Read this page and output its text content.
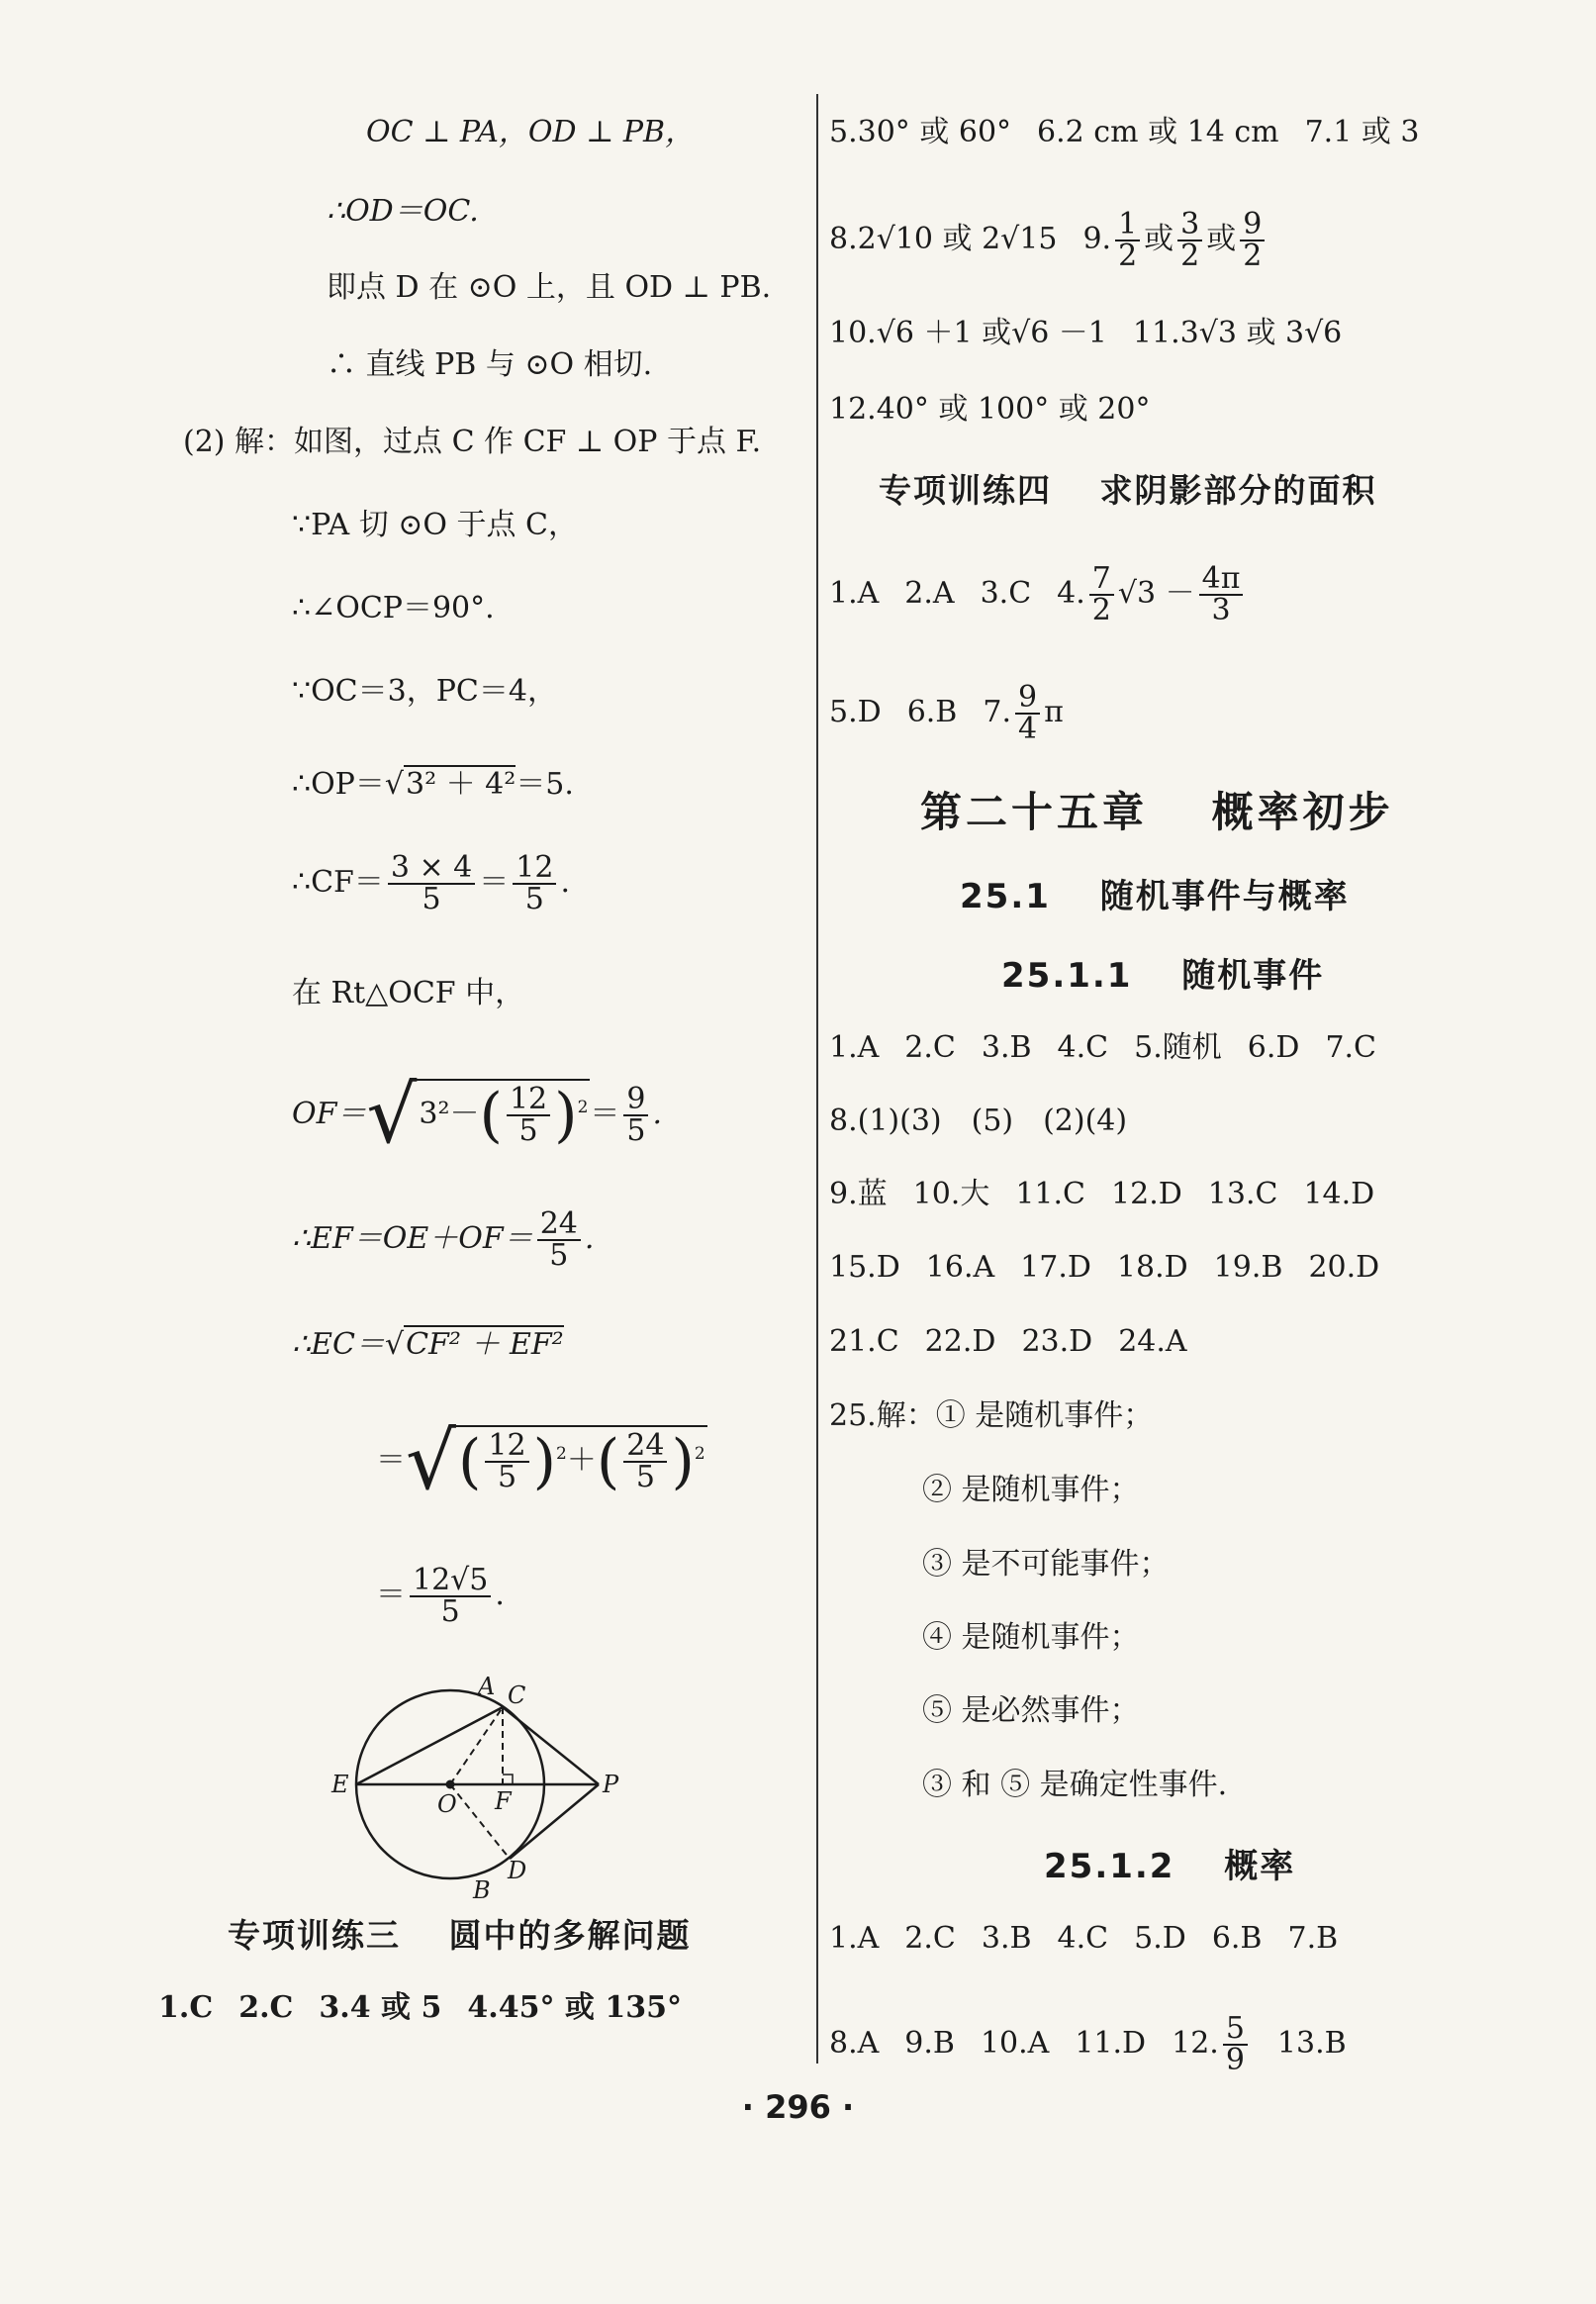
OC ⊥ PA，OD ⊥ PB，
∴OD＝OC.
即点 D 在 ⊙O 上，且 OD ⊥ PB.
∴ 直线 PB 与 ⊙O 相切.
(2) 解：如图，过点 C 作 CF ⊥ OP 于点 F.
∵PA 切 ⊙O 于点 C，
∴∠OCP＝90°.
∵OC＝3，PC＝4，
∴OP＝√3² ＋ 4²＝5.
∴CF＝ $\frac{3 \times 4}{5} = \frac{12}{5}$ .
在 Rt△OCF 中，
$OF=√3^2-( \frac{12}{5} )^2= \frac{9}{5}$ .
∴EF＝OE＋OF＝ $\frac{24}{5}$ .
∴EC＝√CF² ＋ EF²
＝√( $\frac{12}{5} )^2+( \frac{24}{5} )^2$
＝ $\frac{12√5}{5}$ .
A C
E
O F
P
B
D
专项训练三　 圆中的多解问题
1.C 2.C 3.4 或 5 4.45° 或 135°
5.30° 或 60° 6.2 cm 或 14 cm 7.1 或 3
8.2√10 或 2√15 9. $\frac{1}{2}$ 或 $\frac{3}{2}$ 或 $\frac{9}{2}$
10.√6 ＋1 或√6 －1 11.3√3 或 3√6
12.40° 或 100° 或 20°
专项训练四　 求阴影部分的面积
1.A 2.A 3.C 4. $\frac{7}{2} √3 - \frac{4\pi}{3}$
5.D 6.B 7. $\frac{9}{4}$ π
第二十五章　 概率初步
25.1　 随机事件与概率
25.1.1　 随机事件
1.A 2.C 3.B 4.C 5.随机 6.D 7.C
8.(1)(3)　(5)　(2)(4)
9.蓝 10.大 11.C 12.D 13.C 14.D
15.D 16.A 17.D 18.D 19.B 20.D
21.C 22.D 23.D 24.A
25.解：① 是随机事件；
② 是随机事件；
③ 是不可能事件；
④ 是随机事件；
⑤ 是必然事件；
③ 和 ⑤ 是确定性事件.
25.1.2　 概率
1.A 2.C 3.B 4.C 5.D 6.B 7.B
8.A 9.B 10.A 11.D 12. $\frac{5}{9} 13.B$
· 296 ·
